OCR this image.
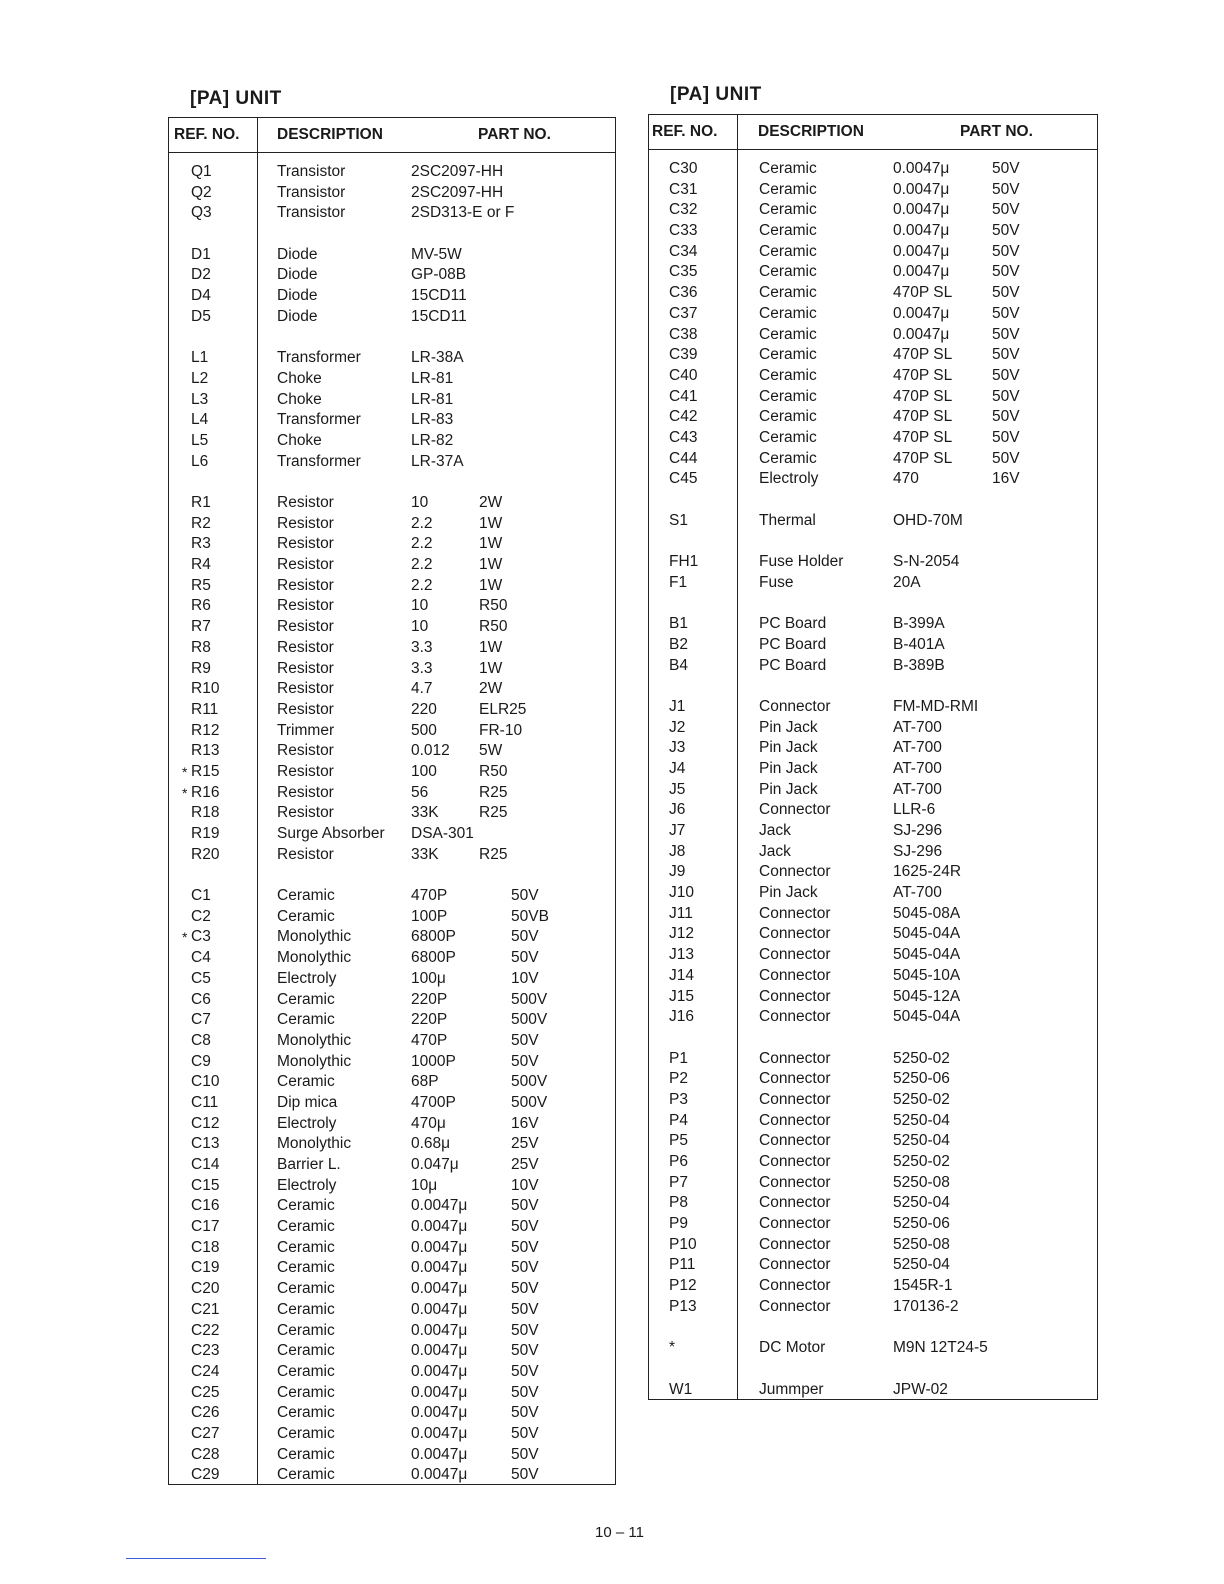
[PA] UNIT
REF. NO. DESCRIPTION	PART NO.
Q1	Transistor	2SC2097-HH
Q2	Transistor	2SC2097-HH
Q3	Transistor	2SD313-E or F
D1	Diode	MV-5W
D2	Diode	GP-08B
D4	Diode	15CD11
D5	Diode	15CD11
L1	Transformer	LR-38A
L2	Choke	LR-81
L3	Choke	LR-81
L4	Transformer	LR-83
L5	Choke	LR-82
L6	Transformer	LR-37A
R1	Resistor	10	2W
R2	Resistor	2.2	1W
R3	Resistor	2.2	1W
R4	Resistor	2.2	1W
R5	Resistor	2.2	1W
R6	Resistor	10	R50
R7	Resistor	10	R50
R8	Resistor	3.3	1W
R9	Resistor	3.3	1W
R10	Resistor	4.7	2W
R11	Resistor	220	ELR25
R12	Trimmer	500	FR-10
R13	Resistor	0.012 5W
R15	Resistor	100	R50
*
R16	Resistor	56	R25
*
R18	Resistor	33K	R25
R19	Surge Absorber DSA-301
R20	Resistor	33K	R25
C1	Ceramic	470P	50V
C2	Ceramic	100P	50VB
C3	Monolythic	6800P	50V
*
C4	Monolythic	6800P	50V
C5	Electroly	100μ	10V
C6	Ceramic	220P	500V
C7	Ceramic	220P	500V
C8	Monolythic	470P	50V
C9	Monolythic	1000P	50V
C10	Ceramic	68P	500V
C11	Dip mica	4700P	500V
C12	Electroly	470μ	16V
C13	Monolythic	0.68μ	25V
C14	Barrier L.	0.047μ	25V
C15	Electroly	10μ	10V
C16	Ceramic	0.0047μ	50V
C17	Ceramic	0.0047μ	50V
C18	Ceramic	0.0047μ	50V
C19	Ceramic	0.0047μ	50V
C20	Ceramic	0.0047μ	50V
C21	Ceramic	0.0047μ	50V
C22	Ceramic	0.0047μ	50V
C23	Ceramic	0.0047μ	50V
C24	Ceramic	0.0047μ	50V
C25	Ceramic	0.0047μ	50V
C26	Ceramic	0.0047μ	50V
C27	Ceramic	0.0047μ	50V
C28	Ceramic	0.0047μ	50V
C29	Ceramic	0.0047μ	50V
[PA] UNIT
REF. NO.	DESCRIPTION	PART NO.
C30	Ceramic	0.0047μ	50V
C31	Ceramic	0.0047μ	50V
C32	Ceramic	0.0047μ	50V
C33	Ceramic	0.0047μ	50V
C34	Ceramic	0.0047μ	50V
C35	Ceramic	0.0047μ	50V
C36	Ceramic	470P SL	50V
C37	Ceramic	0.0047μ	50V
C38	Ceramic	0.0047μ	50V
C39	Ceramic	470P SL	50V
C40	Ceramic	470P SL	50V
C41	Ceramic	470P SL	50V
C42	Ceramic	470P SL	50V
C43	Ceramic	470P SL	50V
C44	Ceramic	470P SL	50V
C45	Electroly	470	16V
S1	Thermal	OHD-70M
FH1	Fuse Holder	S-N-2054
F1	Fuse	20A
B1	PC Board	B-399A
B2	PC Board	B-401A
B4	PC Board	B-389B
J1	Connector	FM-MD-RMI
J2	Pin Jack	AT-700
J3	Pin Jack	AT-700
J4	Pin Jack	AT-700
J5	Pin Jack	AT-700
J6	Connector	LLR-6
J7	Jack	SJ-296
J8	Jack	SJ-296
J9	Connector	1625-24R
J10	Pin Jack	AT-700
J11	Connector	5045-08A
J12	Connector	5045-04A
J13	Connector	5045-04A
J14	Connector	5045-10A
J15	Connector	5045-12A
J16	Connector	5045-04A
P1	Connector	5250-02
P2	Connector	5250-06
P3	Connector	5250-02
P4	Connector	5250-04
P5	Connector	5250-04
P6	Connector	5250-02
P7	Connector	5250-08
P8	Connector	5250-04
P9	Connector	5250-06
P10	Connector	5250-08
P11	Connector	5250-04
P12	Connector	1545R-1
P13	Connector	170136-2
*	DC Motor	M9N 12T24-5
W1	Jummper	JPW-02
10 – 11
